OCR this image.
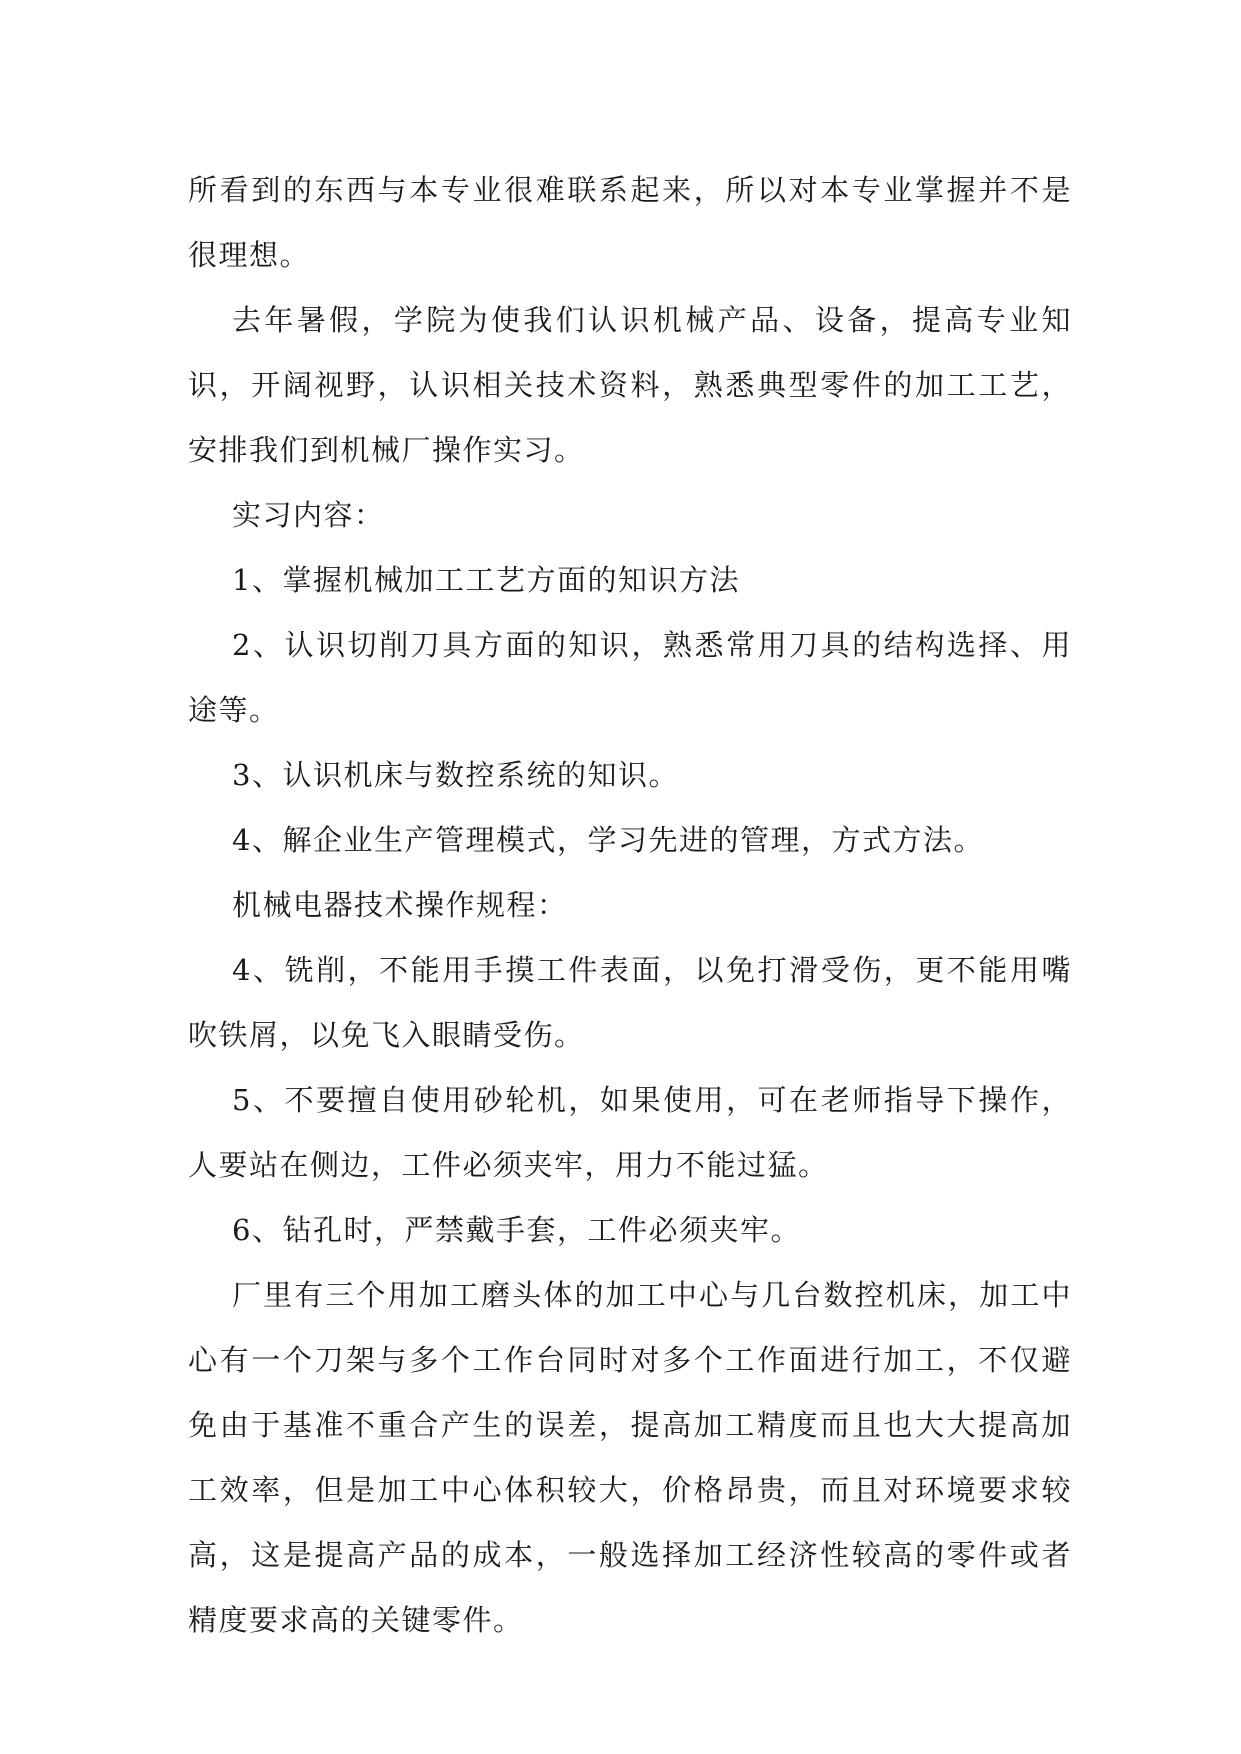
所看到的东西与本专业很难联系起来，所以对本专业掌握并不是很理想。

去年暑假，学院为使我们认识机械产品、设备，提高专业知识，开阔视野，认识相关技术资料，熟悉典型零件的加工工艺，安排我们到机械厂操作实习。

实习内容：

1、掌握机械加工工艺方面的知识方法

2、认识切削刀具方面的知识，熟悉常用刀具的结构选择、用途等。

3、认识机床与数控系统的知识。

4、解企业生产管理模式，学习先进的管理，方式方法。

机械电器技术操作规程：

4、铣削，不能用手摸工件表面，以免打滑受伤，更不能用嘴吹铁屑，以免飞入眼睛受伤。

5、不要擅自使用砂轮机，如果使用，可在老师指导下操作，人要站在侧边，工件必须夹牢，用力不能过猛。

6、钻孔时，严禁戴手套，工件必须夹牢。

厂里有三个用加工磨头体的加工中心与几台数控机床，加工中心有一个刀架与多个工作台同时对多个工作面进行加工，不仅避免由于基准不重合产生的误差，提高加工精度而且也大大提高加工效率，但是加工中心体积较大，价格昂贵，而且对环境要求较高，这是提高产品的成本，一般选择加工经济性较高的零件或者精度要求高的关键零件。
